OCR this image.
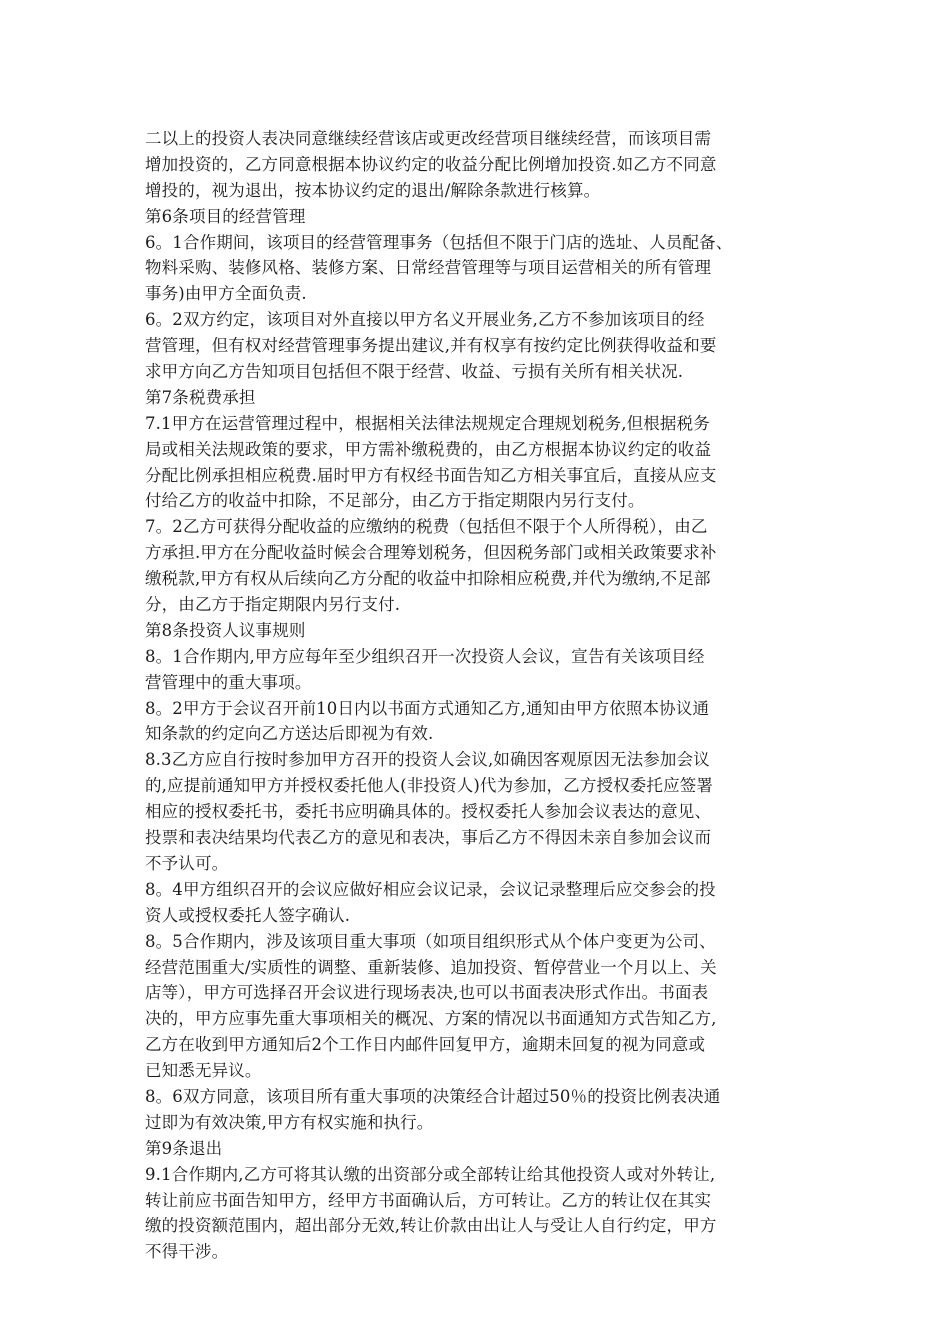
二以上的投资人表决同意继续经营该店或更改经营项目继续经营，而该项目需
增加投资的，乙方同意根据本协议约定的收益分配比例增加投资.如乙方不同意
增投的，视为退出，按本协议约定的退出/解除条款进行核算。
第6条项目的经营管理
6。1合作期间，该项目的经营管理事务（包括但不限于门店的选址、人员配备、
物料采购、装修风格、装修方案、日常经营管理等与项目运营相关的所有管理
事务)由甲方全面负责.
6。2双方约定，该项目对外直接以甲方名义开展业务,乙方不参加该项目的经
营管理，但有权对经营管理事务提出建议,并有权享有按约定比例获得收益和要
求甲方向乙方告知项目包括但不限于经营、收益、亏损有关所有相关状况.
第7条税费承担
7.1甲方在运营管理过程中，根据相关法律法规规定合理规划税务,但根据税务
局或相关法规政策的要求，甲方需补缴税费的，由乙方根据本协议约定的收益
分配比例承担相应税费.届时甲方有权经书面告知乙方相关事宜后，直接从应支
付给乙方的收益中扣除，不足部分，由乙方于指定期限内另行支付。
7。2乙方可获得分配收益的应缴纳的税费（包括但不限于个人所得税），由乙
方承担.甲方在分配收益时候会合理筹划税务，但因税务部门或相关政策要求补
缴税款,甲方有权从后续向乙方分配的收益中扣除相应税费,并代为缴纳,不足部
分，由乙方于指定期限内另行支付.
第8条投资人议事规则
8。1合作期内,甲方应每年至少组织召开一次投资人会议，宣告有关该项目经
营管理中的重大事项。
8。2甲方于会议召开前10日内以书面方式通知乙方,通知由甲方依照本协议通
知条款的约定向乙方送达后即视为有效.
8.3乙方应自行按时参加甲方召开的投资人会议,如确因客观原因无法参加会议
的,应提前通知甲方并授权委托他人(非投资人)代为参加，乙方授权委托应签署
相应的授权委托书，委托书应明确具体的。授权委托人参加会议表达的意见、
投票和表决结果均代表乙方的意见和表决，事后乙方不得因未亲自参加会议而
不予认可。
8。4甲方组织召开的会议应做好相应会议记录，会议记录整理后应交参会的投
资人或授权委托人签字确认.
8。5合作期内，涉及该项目重大事项（如项目组织形式从个体户变更为公司、
经营范围重大/实质性的调整、重新装修、追加投资、暂停营业一个月以上、关
店等），甲方可选择召开会议进行现场表决,也可以书面表决形式作出。书面表
决的，甲方应事先重大事项相关的概况、方案的情况以书面通知方式告知乙方,
乙方在收到甲方通知后2个工作日内邮件回复甲方，逾期未回复的视为同意或
已知悉无异议。
8。6双方同意，该项目所有重大事项的决策经合计超过50％的投资比例表决通
过即为有效决策,甲方有权实施和执行。
第9条退出
9.1合作期内,乙方可将其认缴的出资部分或全部转让给其他投资人或对外转让,
转让前应书面告知甲方，经甲方书面确认后，方可转让。乙方的转让仅在其实
缴的投资额范围内，超出部分无效,转让价款由出让人与受让人自行约定，甲方
不得干涉。
